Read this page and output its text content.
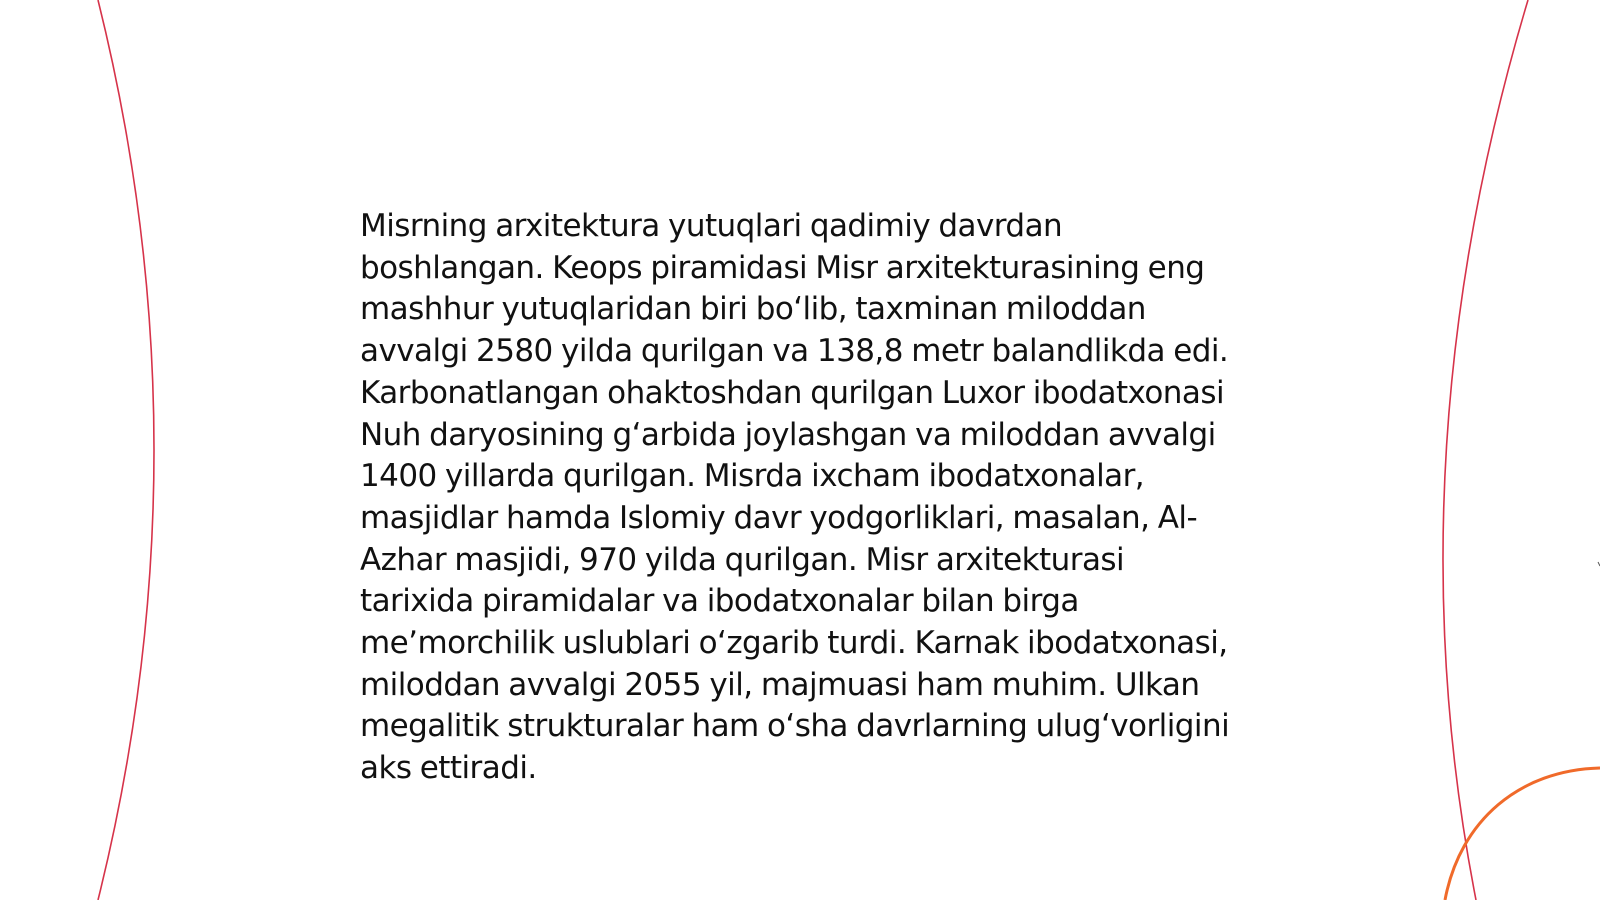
Misrning arxitektura yutuqlari qadimiy davrdan boshlangan. Keops piramidasi Misr arxitekturasining eng mashhur yutuqlaridan biri bo‘lib, taxminan miloddan avvalgi 2580 yilda qurilgan va 138,8 metr balandlikda edi. Karbonatlangan ohaktoshdan qurilgan Luxor ibodatxonasi Nuh daryosining g‘arbida joylashgan va miloddan avvalgi 1400 yillarda qurilgan. Misrda ixcham ibodatxonalar, masjidlar hamda Islomiy davr yodgorliklari, masalan, Al-Azhar masjidi, 970 yilda qurilgan. Misr arxitekturasi tarixida piramidalar va ibodatxonalar bilan birga me’morchilik uslublari o‘zgarib turdi. Karnak ibodatxonasi, miloddan avvalgi 2055 yil, majmuasi ham muhim. Ulkan megalitik strukturalar ham o‘sha davrlarning ulug‘vorligini aks ettiradi.
